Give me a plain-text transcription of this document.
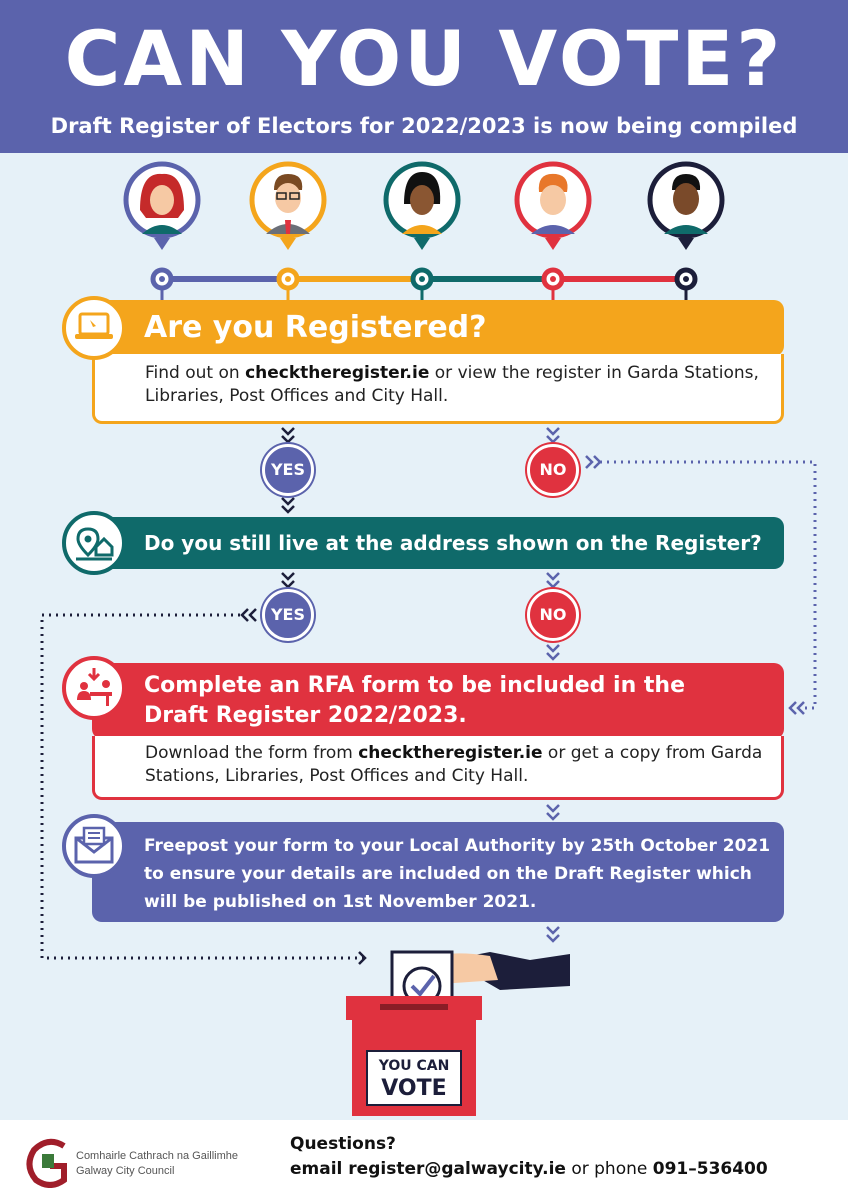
CAN YOU VOTE?
Draft Register of Electors for 2022/2023 is now being compiled
Are you Registered?
Find out on checktheregister.ie or view the register in Garda Stations, Libraries, Post Offices and City Hall.
YES	NO
Do you still live at the address shown on the Register?
YES	NO
Complete an RFA form to be included in the
Draft Register 2022/2023.
Download the form from checktheregister.ie or get a copy from Garda Stations, Libraries, Post Offices and City Hall.
Freepost your form to your Local Authority by 25th October 2021
to ensure your details are included on the Draft Register which
will be published on 1st November 2021.
YOU CAN
VOTE
Comhairle Cathrach na Gaillimhe
Galway City Council
Questions?
email register@galwaycity.ie or phone 091–536400
